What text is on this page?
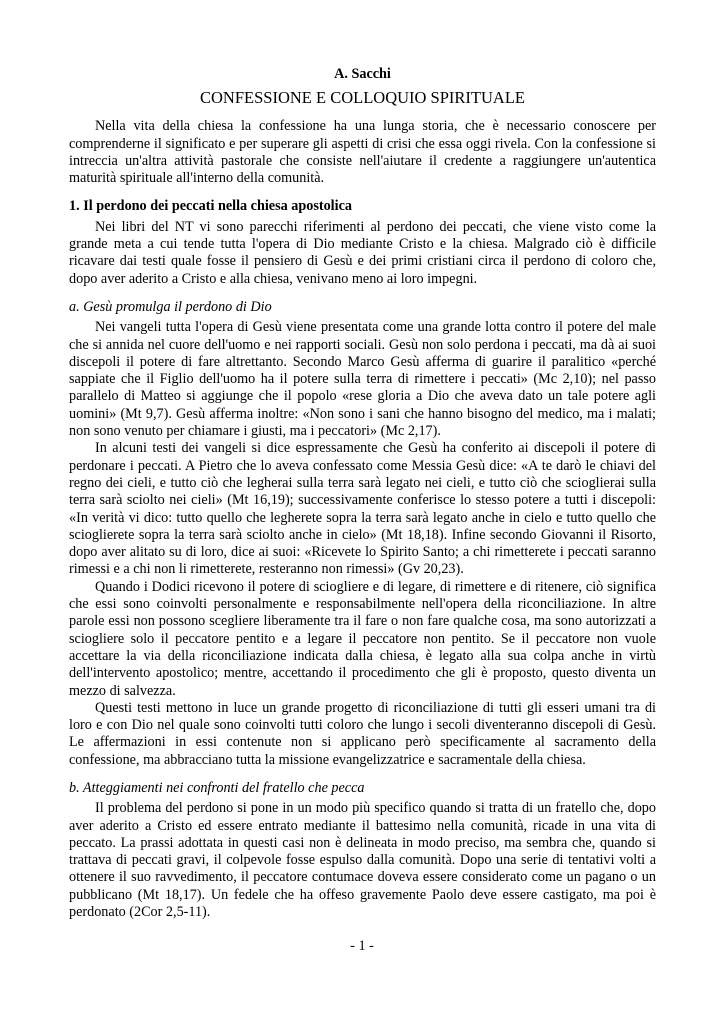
A. Sacchi
CONFESSIONE E COLLOQUIO SPIRITUALE

Nella vita della chiesa la confessione ha una lunga storia, che è necessario conoscere per comprenderne il significato e per superare gli aspetti di crisi che essa oggi rivela. Con la confessione si intreccia un'altra attività pastorale che consiste nell'aiutare il credente a raggiungere un'autentica maturità spirituale all'interno della comunità.

1. Il perdono dei peccati nella chiesa apostolica

Nei libri del NT vi sono parecchi riferimenti al perdono dei peccati, che viene visto come la grande meta a cui tende tutta l'opera di Dio mediante Cristo e la chiesa. Malgrado ciò è difficile ricavare dai testi quale fosse il pensiero di Gesù e dei primi cristiani circa il perdono di coloro che, dopo aver aderito a Cristo e alla chiesa, venivano meno ai loro impegni.

a. Gesù promulga il perdono di Dio

Nei vangeli tutta l'opera di Gesù viene presentata come una grande lotta contro il potere del male che si annida nel cuore dell'uomo e nei rapporti sociali. Gesù non solo perdona i peccati, ma dà ai suoi discepoli il potere di fare altrettanto. Secondo Marco Gesù afferma di guarire il paralitico «perché sappiate che il Figlio dell'uomo ha il potere sulla terra di rimettere i peccati» (Mc 2,10); nel passo parallelo di Matteo si aggiunge che il popolo «rese gloria a Dio che aveva dato un tale potere agli uomini» (Mt 9,7). Gesù afferma inoltre: «Non sono i sani che hanno bisogno del medico, ma i malati; non sono venuto per chiamare i giusti, ma i peccatori» (Mc 2,17).

In alcuni testi dei vangeli si dice espressamente che Gesù ha conferito ai discepoli il potere di perdonare i peccati. A Pietro che lo aveva confessato come Messia Gesù dice: «A te darò le chiavi del regno dei cieli, e tutto ciò che legherai sulla terra sarà legato nei cieli, e tutto ciò che scioglierai sulla terra sarà sciolto nei cieli» (Mt 16,19); successivamente conferisce lo stesso potere a tutti i discepoli: «In verità vi dico: tutto quello che legherete sopra la terra sarà legato anche in cielo e tutto quello che scioglierete sopra la terra sarà sciolto anche in cielo» (Mt 18,18). Infine secondo Giovanni il Risorto, dopo aver alitato su di loro, dice ai suoi: «Ricevete lo Spirito Santo; a chi rimetterete i peccati saranno rimessi e a chi non li rimetterete, resteranno non rimessi» (Gv 20,23).

Quando i Dodici ricevono il potere di sciogliere e di legare, di rimettere e di ritenere, ciò significa che essi sono coinvolti personalmente e responsabilmente nell'opera della riconciliazione. In altre parole essi non possono scegliere liberamente tra il fare o non fare qualche cosa, ma sono autorizzati a sciogliere solo il peccatore pentito e a legare il peccatore non pentito. Se il peccatore non vuole accettare la via della riconciliazione indicata dalla chiesa, è legato alla sua colpa anche in virtù dell'intervento apostolico; mentre, accettando il procedimento che gli è proposto, questo diventa un mezzo di salvezza.

Questi testi mettono in luce un grande progetto di riconciliazione di tutti gli esseri umani tra di loro e con Dio nel quale sono coinvolti tutti coloro che lungo i secoli diventeranno discepoli di Gesù. Le affermazioni in essi contenute non si applicano però specificamente al sacramento della confessione, ma abbracciano tutta la missione evangelizzatrice e sacramentale della chiesa.

b. Atteggiamenti nei confronti del fratello che pecca

Il problema del perdono si pone in un modo più specifico quando si tratta di un fratello che, dopo aver aderito a Cristo ed essere entrato mediante il battesimo nella comunità, ricade in una vita di peccato. La prassi adottata in questi casi non è delineata in modo preciso, ma sembra che, quando si trattava di peccati gravi, il colpevole fosse espulso dalla comunità. Dopo una serie di tentativi volti a ottenere il suo ravvedimento, il peccatore contumace doveva essere considerato come un pagano o un pubblicano (Mt 18,17). Un fedele che ha offeso gravemente Paolo deve essere castigato, ma poi è perdonato (2Cor 2,5-11).

- 1 -
